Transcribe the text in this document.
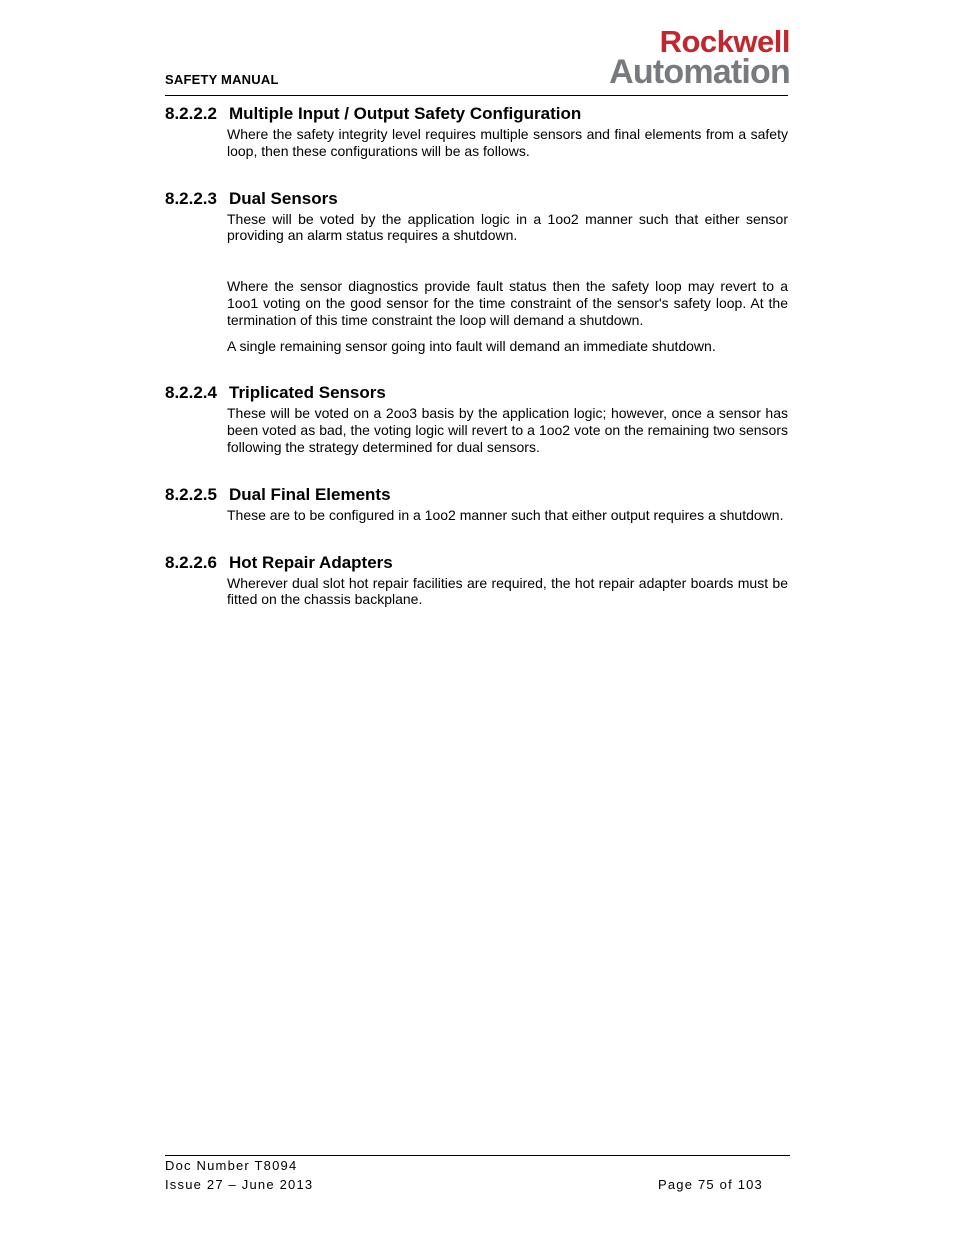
SAFETY MANUAL
Rockwell
Automation
8.2.2.2 Multiple Input / Output Safety Configuration

Where the safety integrity level requires multiple sensors and final elements from a safety loop, then these configurations will be as follows.

8.2.2.3 Dual Sensors

These will be voted by the application logic in a 1oo2 manner such that either sensor providing an alarm status requires a shutdown.

Where the sensor diagnostics provide fault status then the safety loop may revert to a 1oo1 voting on the good sensor for the time constraint of the sensor's safety loop. At the termination of this time constraint the loop will demand a shutdown.

A single remaining sensor going into fault will demand an immediate shutdown.

8.2.2.4 Triplicated Sensors

These will be voted on a 2oo3 basis by the application logic; however, once a sensor has been voted as bad, the voting logic will revert to a 1oo2 vote on the remaining two sensors following the strategy determined for dual sensors.

8.2.2.5 Dual Final Elements

These are to be configured in a 1oo2 manner such that either output requires a shutdown.

8.2.2.6 Hot Repair Adapters

Wherever dual slot hot repair facilities are required, the hot repair adapter boards must be fitted on the chassis backplane.

Doc Number T8094
Issue 27 – June 2013	Page 75 of 103
